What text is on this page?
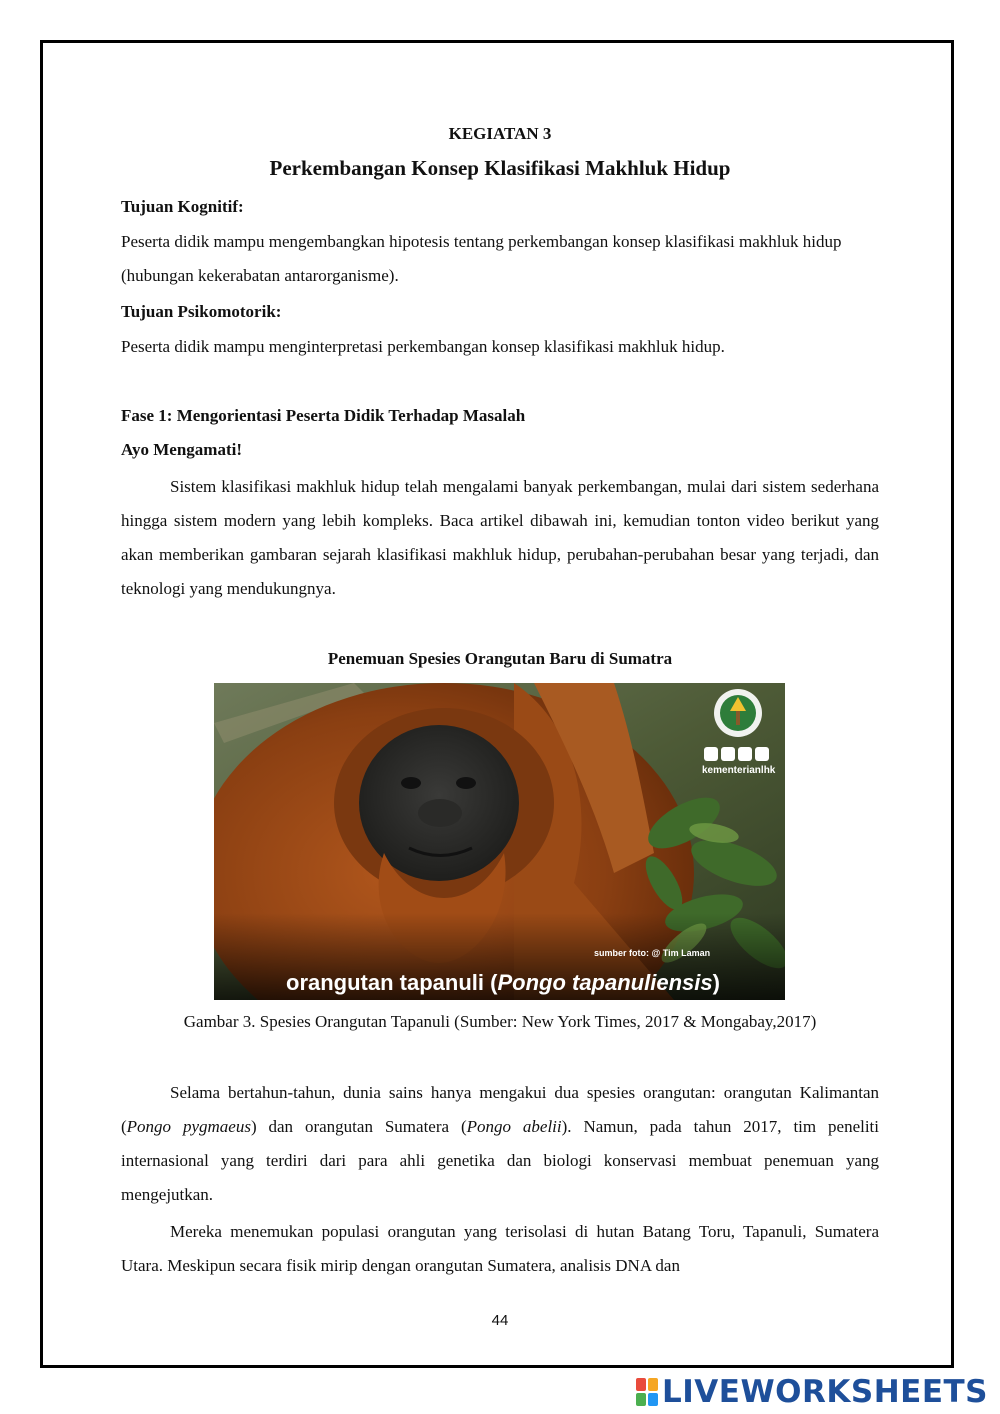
KEGIATAN 3
Perkembangan Konsep Klasifikasi Makhluk Hidup
Tujuan Kognitif:
Peserta didik mampu mengembangkan hipotesis tentang perkembangan konsep klasifikasi makhluk hidup (hubungan kekerabatan antarorganisme).
Tujuan Psikomotorik:
Peserta didik mampu menginterpretasi perkembangan konsep klasifikasi makhluk hidup.
Fase 1: Mengorientasi Peserta Didik Terhadap Masalah
Ayo Mengamati!
Sistem klasifikasi makhluk hidup telah mengalami banyak perkembangan, mulai dari sistem sederhana hingga sistem modern yang lebih kompleks. Baca artikel dibawah ini, kemudian tonton video berikut yang akan memberikan gambaran sejarah klasifikasi makhluk hidup, perubahan-perubahan besar yang terjadi, dan teknologi yang mendukungnya.
Penemuan Spesies Orangutan Baru di Sumatra
kementerianlhk
sumber foto: @ Tim Laman
orangutan tapanuli (Pongo tapanuliensis)
Gambar 3. Spesies Orangutan Tapanuli (Sumber: New York Times, 2017 & Mongabay,2017)
Selama bertahun-tahun, dunia sains hanya mengakui dua spesies orangutan: orangutan Kalimantan (Pongo pygmaeus) dan orangutan Sumatera (Pongo abelii). Namun, pada tahun 2017, tim peneliti internasional yang terdiri dari para ahli genetika dan biologi konservasi membuat penemuan yang mengejutkan.
Mereka menemukan populasi orangutan yang terisolasi di hutan Batang Toru, Tapanuli, Sumatera Utara. Meskipun secara fisik mirip dengan orangutan Sumatera, analisis DNA dan
44
LIVEWORKSHEETS
